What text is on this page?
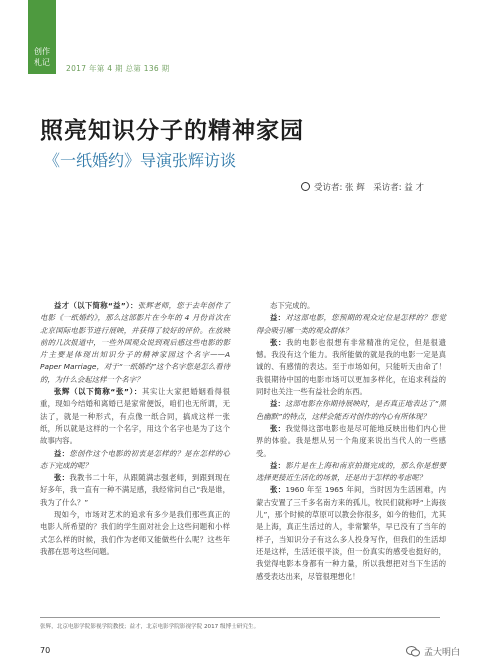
创作
札记
2017 年第 4 期 总第 136 期
照亮知识分子的精神家园
《一纸婚约》导演张辉访谈
受访者: 张 辉　采访者: 益 才

益才（以下简称“益”）：张辉老师，您于去年创作了电影《一纸婚约》，那么这部影片在今年的 4 月份首次在北京国际电影节进行展映，并获得了较好的评价。在放映前的几次报道中，一些外国观众说到观后感这些电影的影片主要是体现出知识分子的精神家园这个名字——A Paper Marriage，对于“一纸婚约”这个名字您是怎么看待的，为什么会起这样一个名字？

张辉（以下简称“张”）：其实让大家把婚姻看得很重，现如今结婚和离婚已是家常便饭，咱们也无所谓，无法了，就是一种形式，有点像一纸合同，搞成这样一张纸，所以就是这样的一个名字，用这个名字也是为了这个故事内容。

益：您创作这个电影的初衷是怎样的？是在怎样的心态下完成的呢？

张：我教书二十年，从跟随满志强老师，到跟到现在好多年，我一直有一种不满足感，我经常问自己“我是谁，我为了什么？”

现如今，市场对艺术的追求有多少是我们那些真正的电影人所希望的？我们的学生面对社会上这些问题和小样式怎么样的时候，我们作为老师又能做些什么呢？这些年我都在思考这些问题。

态下完成的。

益：对这部电影，您预期的观众定位是怎样的？您觉得会吸引哪一类的观众群体？

张：我的电影也很想有非常精准的定位，但是很遗憾。我没有这个能力。我所能做的就是我的电影一定是真诚的、有感情的表达。至于市场如何，只能听天由命了！我很期待中国的电影市场可以更加多样化，在追求利益的同时也关注一些有益社会的东西。

益：这部电影在你期待展映时，是否真正地表达了“黑色幽默”的特点，这样会能否对创作的内心有所体现？

张：我觉得这部电影也是尽可能地反映出他们内心世界的体验。我是想从另一个角度来说出当代人的一些感受。

益：影片是在上海和南京拍摄完成的，那么你是想要选择更接近生活化的场景，还是出于怎样的考虑呢？

张：1960 年至 1965 年间，当时因为生活困难，内蒙古安置了三千多名南方来的孤儿，牧民们就称呼“上海孩儿”，那个时候的草原可以教会你很多，如今的他们，尤其是上海，真正生活过的人，非常繁华，早已没有了当年的样子，当知识分子有这么多人投身写作，但我们的生活却还是这样，生活还很平淡，但一份真实的感受也挺好的，我觉得电影本身都有一种力量，所以我想把对当下生活的感受表达出来，尽管很理想化！

张辉，北京电影学院影视学院教授；益才，北京电影学院影视学院 2017 级博士研究生。
70	孟大明白
